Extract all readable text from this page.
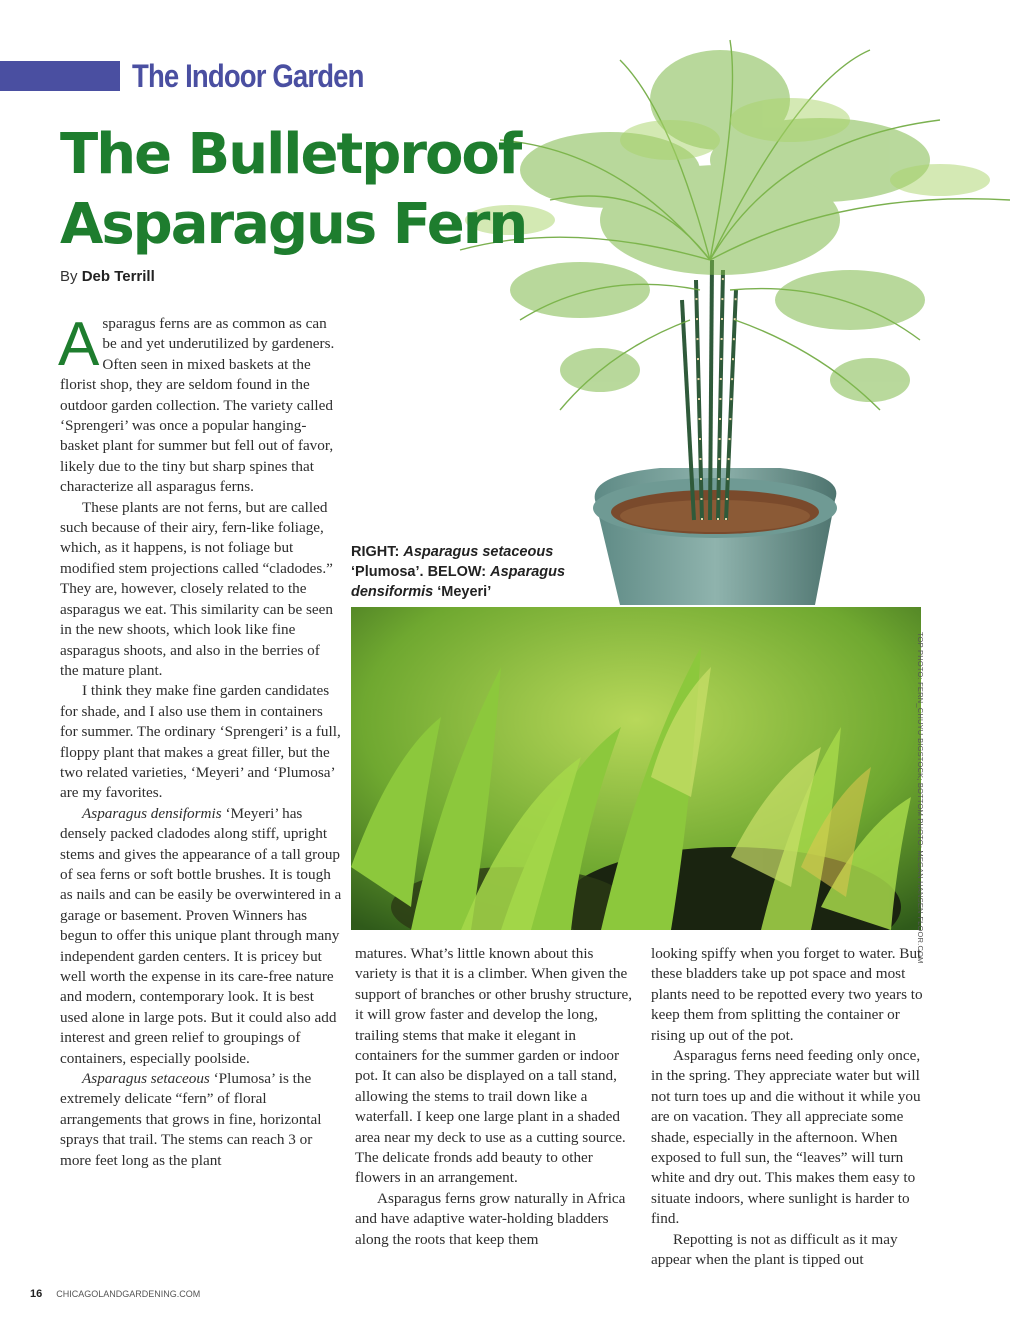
The Indoor Garden
The Bulletproof Asparagus Fern

By Deb Terrill

Asparagus ferns are as common as can be and yet underutilized by gardeners. Often seen in mixed baskets at the florist shop, they are seldom found in the outdoor garden collection. The variety called ‘Sprengeri’ was once a popular hanging-basket plant for summer but fell out of favor, likely due to the tiny but sharp spines that characterize all asparagus ferns.

These plants are not ferns, but are called such because of their airy, fern-like foliage, which, as it happens, is not foliage but modified stem projections called “cladodes.” They are, however, closely related to the asparagus we eat. This similarity can be seen in the new shoots, which look like fine asparagus shoots, and also in the berries of the mature plant.

I think they make fine garden candidates for shade, and I also use them in containers for summer. The ordinary ‘Sprengeri’ is a full, floppy plant that makes a great filler, but the two related varieties, ‘Meyeri’ and ‘Plumosa’ are my favorites.

Asparagus densiformis ‘Meyeri’ has densely packed cladodes along stiff, upright stems and gives the appearance of a tall group of sea ferns or soft bottle brushes. It is tough as nails and can be easily be overwintered in a garage or basement. Proven Winners has begun to offer this unique plant through many independent garden centers. It is pricey but well worth the expense in its care-free nature and modern, contemporary look. It is best used alone in large pots. But it could also add interest and green relief to groupings of containers, especially poolside.

Asparagus setaceous ‘Plumosa’ is the extremely delicate “fern” of floral arrangements that grows in fine, horizontal sprays that trail. The stems can reach 3 or more feet long as the plant

RIGHT: Asparagus setaceous ‘Plumosa’. BELOW: Asparagus densiformis ‘Meyeri’

TOP PHOTO: FERN_CHUYU-BIGSTOCK; BOTTOM PHOTO: MEGAN HANSEN-FLOOR.COM

matures. What’s little known about this variety is that it is a climber. When given the support of branches or other brushy structure, it will grow faster and develop the long, trailing stems that make it elegant in containers for the summer garden or indoor pot. It can also be displayed on a tall stand, allowing the stems to trail down like a waterfall. I keep one large plant in a shaded area near my deck to use as a cutting source. The delicate fronds add beauty to other flowers in an arrangement.

Asparagus ferns grow naturally in Africa and have adaptive water-holding bladders along the roots that keep them

looking spiffy when you forget to water. But these bladders take up pot space and most plants need to be repotted every two years to keep them from splitting the container or rising up out of the pot.

Asparagus ferns need feeding only once, in the spring. They appreciate water but will not turn toes up and die without it while you are on vacation. They all appreciate some shade, especially in the afternoon. When exposed to full sun, the “leaves” will turn white and dry out. This makes them easy to situate indoors, where sunlight is harder to find.

Repotting is not as difficult as it may appear when the plant is tipped out

16 CHICAGOLANDGARDENING.COM
